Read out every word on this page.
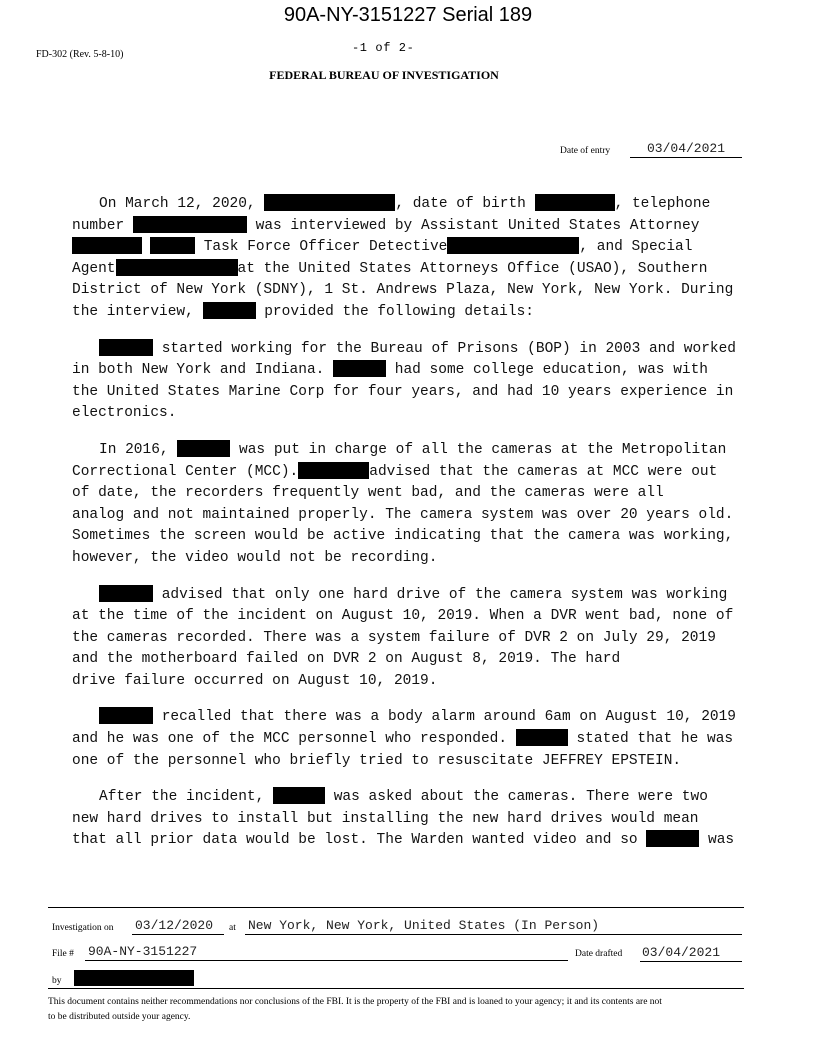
90A-NY-3151227 Serial 189
FD-302 (Rev. 5-8-10)	-1 of 2-
FEDERAL BUREAU OF INVESTIGATION
Date of entry	03/04/2021
On March 12, 2020,	, date of birth	, telephone
number	was interviewed by Assistant United States Attorney
Task Force Officer Detective	, and Special
Agent	at the United States Attorneys Office (USAO), Southern
District of New York (SDNY), 1 St. Andrews Plaza, New York, New York. During
the interview,	provided the following details:
started working for the Bureau of Prisons (BOP) in 2003 and worked
in both New York and Indiana.	had some college education, was with
the United States Marine Corp for four years, and had 10 years experience in
electronics.
In 2016,	was put in charge of all the cameras at the Metropolitan
Correctional Center (MCC).	advised that the cameras at MCC were out
of date, the recorders frequently went bad, and the cameras were all
analog and not maintained properly. The camera system was over 20 years old.
Sometimes the screen would be active indicating that the camera was working,
however, the video would not be recording.
advised that only one hard drive of the camera system was working
at the time of the incident on August 10, 2019. When a DVR went bad, none of
the cameras recorded. There was a system failure of DVR 2 on July 29, 2019
and the motherboard failed on DVR 2 on August 8, 2019. The hard
drive failure occurred on August 10, 2019.
recalled that there was a body alarm around 6am on August 10, 2019
and he was one of the MCC personnel who responded.	stated that he was
one of the personnel who briefly tried to resuscitate JEFFREY EPSTEIN.
After the incident,	was asked about the cameras. There were two
new hard drives to install but installing the new hard drives would mean
that all prior data would be lost. The Warden wanted video and so	was
Investigation on 03/12/2020	at New York, New York, United States (In Person)
File # 90A-NY-3151227	Date drafted 03/04/2021
by
This document contains neither recommendations nor conclusions of the FBI. It is the property of the FBI and is loaned to your agency; it and its contents are not
to be distributed outside your agency.
